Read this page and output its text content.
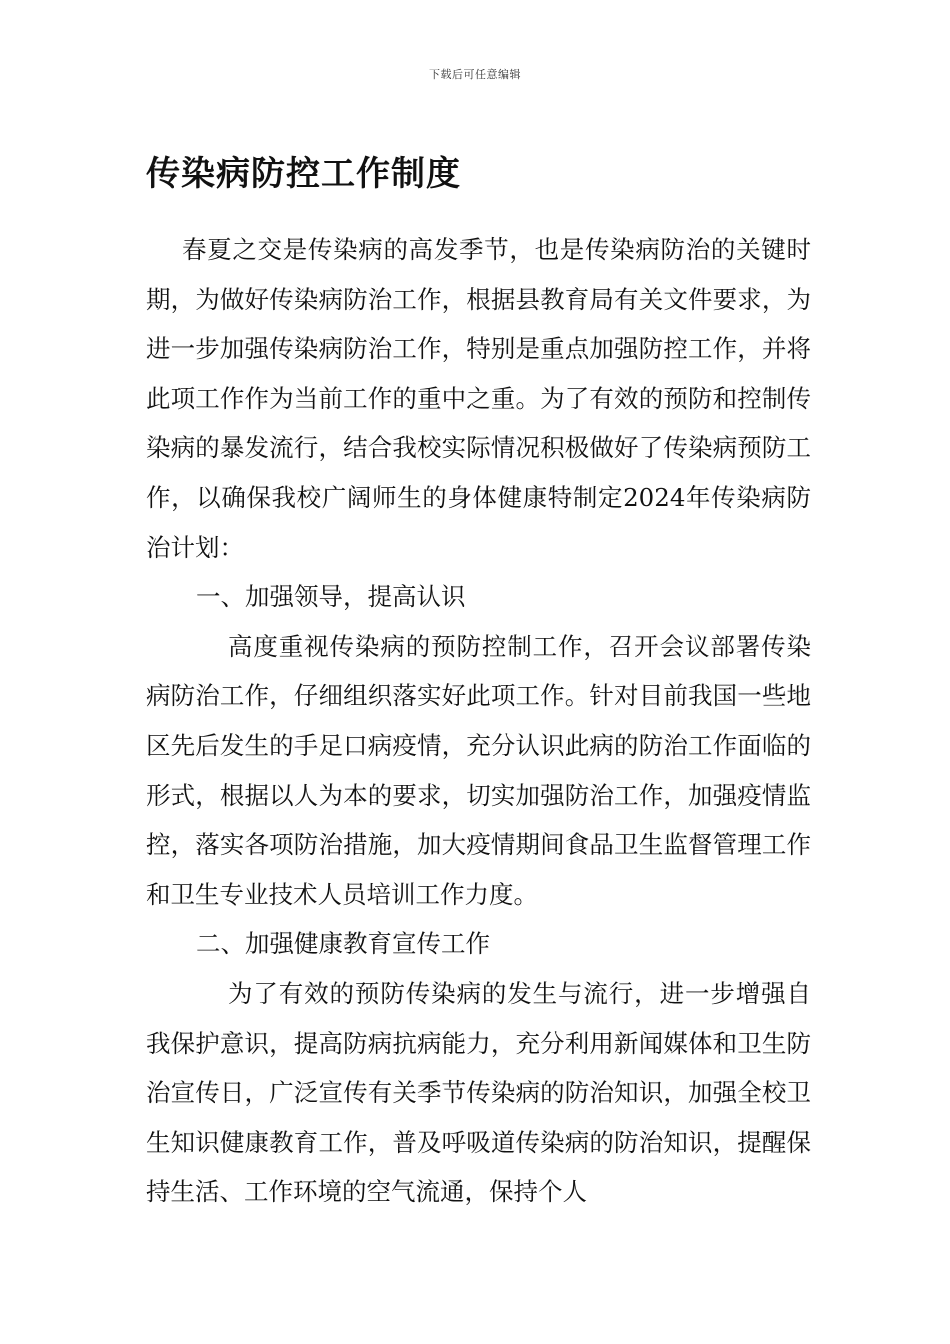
下载后可任意编辑
传染病防控工作制度

春夏之交是传染病的高发季节，也是传染病防治的关键时期，为做好传染病防治工作，根据县教育局有关文件要求，为进一步加强传染病防治工作，特别是重点加强防控工作，并将此项工作作为当前工作的重中之重。为了有效的预防和控制传染病的暴发流行，结合我校实际情况积极做好了传染病预防工作，以确保我校广阔师生的身体健康特制定2024年传染病防治计划：

一、加强领导，提高认识

高度重视传染病的预防控制工作，召开会议部署传染病防治工作，仔细组织落实好此项工作。针对目前我国一些地区先后发生的手足口病疫情，充分认识此病的防治工作面临的形式，根据以人为本的要求，切实加强防治工作，加强疫情监控，落实各项防治措施，加大疫情期间食品卫生监督管理工作和卫生专业技术人员培训工作力度。

二、加强健康教育宣传工作

为了有效的预防传染病的发生与流行，进一步增强自我保护意识，提高防病抗病能力，充分利用新闻媒体和卫生防治宣传日，广泛宣传有关季节传染病的防治知识，加强全校卫生知识健康教育工作，普及呼吸道传染病的防治知识，提醒保持生活、工作环境的空气流通，保持个人
